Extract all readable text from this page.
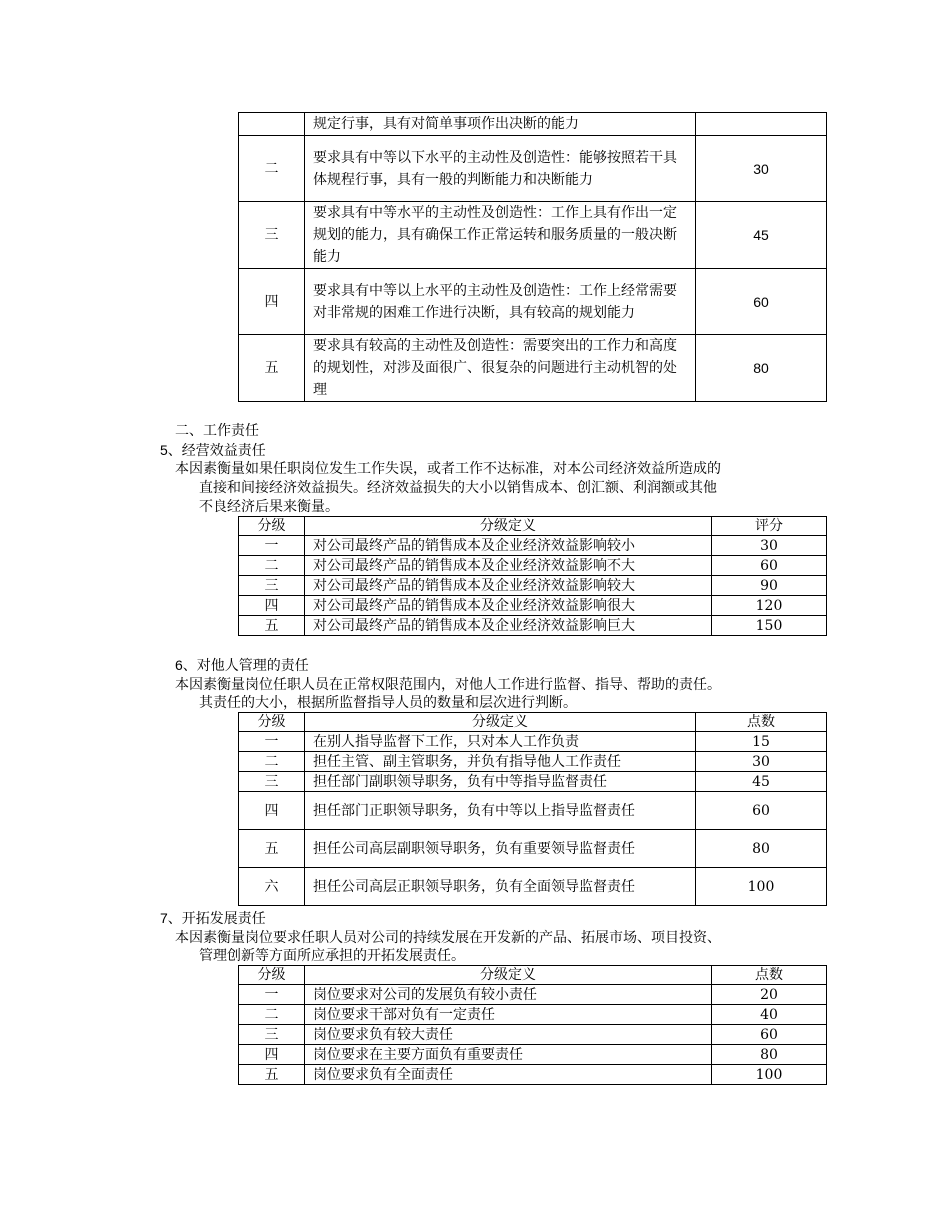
	规定行事，具有对简单事项作出决断的能力	
二	要求具有中等以下水平的主动性及创造性：能够按照若干具体规程行事，具有一般的判断能力和决断能力	30
三	要求具有中等水平的主动性及创造性：工作上具有作出一定规划的能力，具有确保工作正常运转和服务质量的一般决断能力	45
四	要求具有中等以上水平的主动性及创造性：工作上经常需要对非常规的困难工作进行决断，具有较高的规划能力	60
五	要求具有较高的主动性及创造性：需要突出的工作力和高度的规划性，对涉及面很广、很复杂的问题进行主动机智的处理	80
二、工作责任
5、经营效益责任
本因素衡量如果任职岗位发生工作失误，或者工作不达标准，对本公司经济效益所造成的
直接和间接经济效益损失。经济效益损失的大小以销售成本、创汇额、利润额或其他
不良经济后果来衡量。
分级	分级定义	评分
一	对公司最终产品的销售成本及企业经济效益影响较小	30
二	对公司最终产品的销售成本及企业经济效益影响不大	60
三	对公司最终产品的销售成本及企业经济效益影响较大	90
四	对公司最终产品的销售成本及企业经济效益影响很大	120
五	对公司最终产品的销售成本及企业经济效益影响巨大	150
6、对他人管理的责任
本因素衡量岗位任职人员在正常权限范围内，对他人工作进行监督、指导、帮助的责任。
其责任的大小，根据所监督指导人员的数量和层次进行判断。
分级	分级定义	点数
一	在别人指导监督下工作，只对本人工作负责	15
二	担任主管、副主管职务，并负有指导他人工作责任	30
三	担任部门副职领导职务，负有中等指导监督责任	45
四	担任部门正职领导职务，负有中等以上指导监督责任	60
五	担任公司高层副职领导职务，负有重要领导监督责任	80
六	担任公司高层正职领导职务，负有全面领导监督责任	100
7、开拓发展责任
本因素衡量岗位要求任职人员对公司的持续发展在开发新的产品、拓展市场、项目投资、
管理创新等方面所应承担的开拓发展责任。
分级	分级定义	点数
一	岗位要求对公司的发展负有较小责任	20
二	岗位要求干部对负有一定责任	40
三	岗位要求负有较大责任	60
四	岗位要求在主要方面负有重要责任	80
五	岗位要求负有全面责任	100
